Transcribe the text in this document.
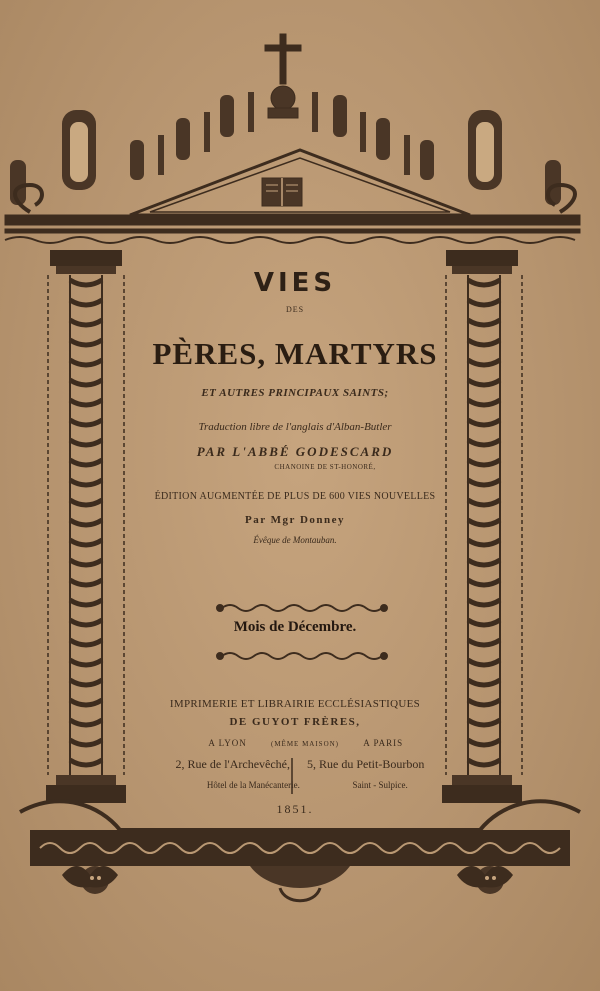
VIES
DES
PÈRES, MARTYRS
ET AUTRES PRINCIPAUX SAINTS;
Traduction libre de l'anglais d'Alban-Butler
PAR L'ABBÉ GODESCARD
CHANOINE DE ST-HONORÉ,
ÉDITION AUGMENTÉE DE PLUS DE 600 VIES NOUVELLES
Par Mgr Donney
Évêque de Montauban.
Mois de Décembre.
IMPRIMERIE ET LIBRAIRIE ECCLÉSIASTIQUES
DE GUYOT FRÈRES,
A LYON	(MÊME MAISON)	A PARIS
2, Rue de l'Archevêché, 5, Rue du Petit-Bourbon
Hôtel de la Manécanterie.	Saint - Sulpice.
1851.
